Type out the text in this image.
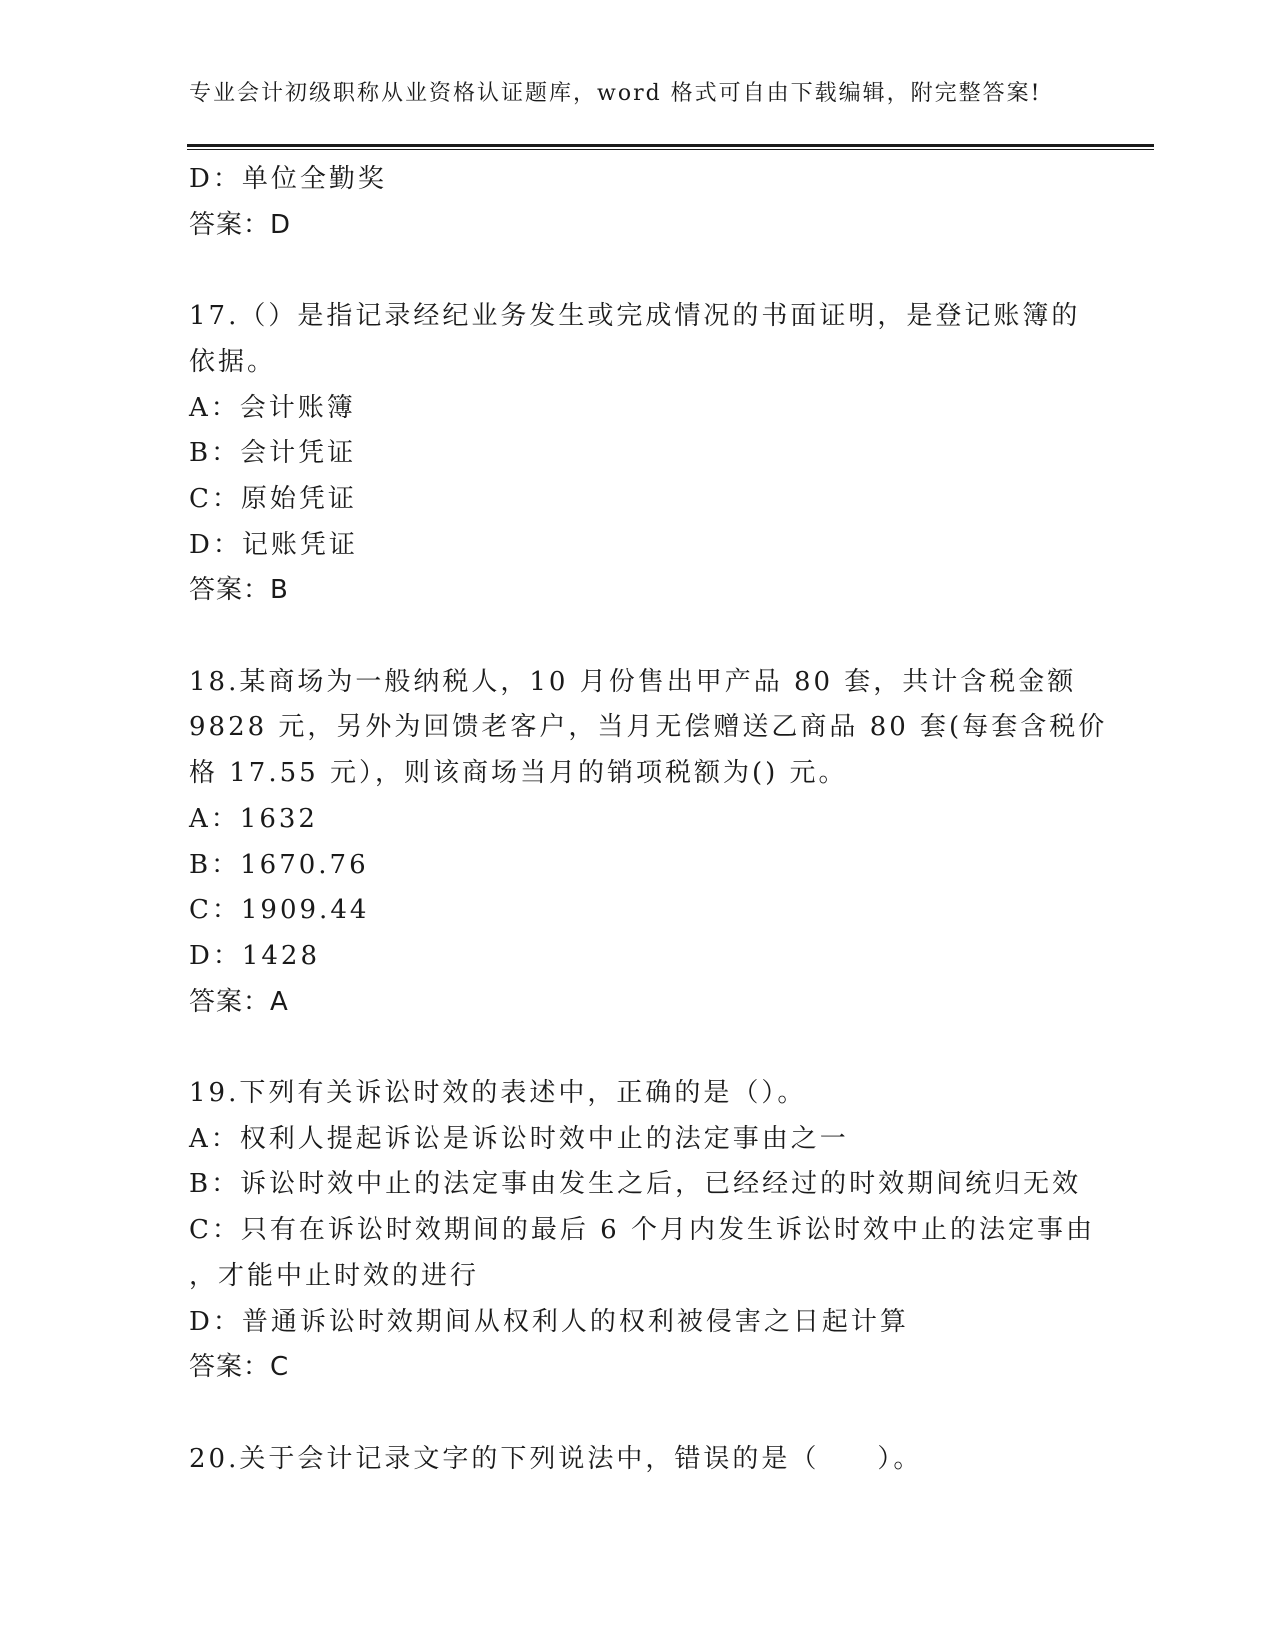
专业会计初级职称从业资格认证题库，word 格式可自由下载编辑，附完整答案!
D：单位全勤奖
答案：D
17.（）是指记录经纪业务发生或完成情况的书面证明，是登记账簿的
依据。
A：会计账簿
B：会计凭证
C：原始凭证
D：记账凭证
答案：B
18.某商场为一般纳税人，10 月份售出甲产品 80 套，共计含税金额
9828 元，另外为回馈老客户，当月无偿赠送乙商品 80 套(每套含税价
格 17.55 元），则该商场当月的销项税额为() 元。
A：1632
B：1670.76
C：1909.44
D：1428
答案：A
19.下列有关诉讼时效的表述中，正确的是（）。
A：权利人提起诉讼是诉讼时效中止的法定事由之一
B：诉讼时效中止的法定事由发生之后，已经经过的时效期间统归无效
C：只有在诉讼时效期间的最后 6 个月内发生诉讼时效中止的法定事由
，才能中止时效的进行
D：普通诉讼时效期间从权利人的权利被侵害之日起计算
答案：C
20.关于会计记录文字的下列说法中，错误的是（　　）。
